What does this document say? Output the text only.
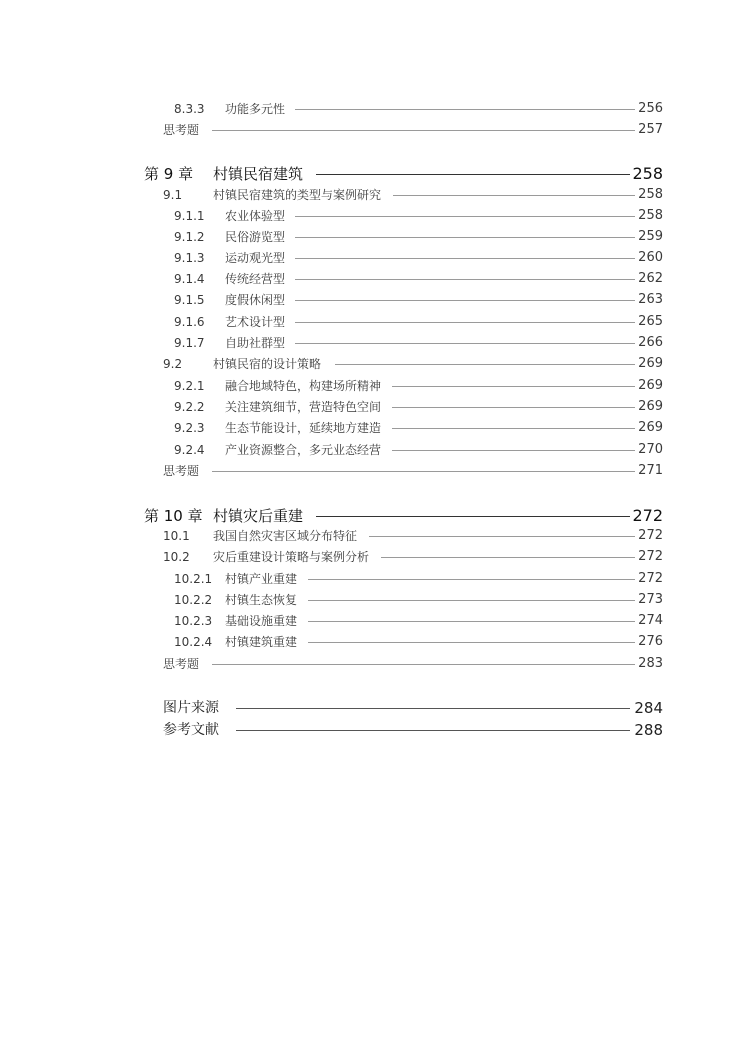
8.3.3 功能多元性	256
思考题	257
第 9 章 村镇民宿建筑	258
9.1	村镇民宿建筑的类型与案例研究	258
9.1.1 农业体验型	258
9.1.2 民俗游览型	259
9.1.3 运动观光型	260
9.1.4 传统经营型	262
9.1.5 度假休闲型	263
9.1.6 艺术设计型	265
9.1.7 自助社群型	266
9.2	村镇民宿的设计策略	269
9.2.1 融合地域特色，构建场所精神	269
9.2.2 关注建筑细节，营造特色空间	269
9.2.3 生态节能设计，延续地方建造	269
9.2.4 产业资源整合，多元业态经营	270
思考题	271
第 10 章 村镇灾后重建	272
10.1 我国自然灾害区域分布特征	272
10.2 灾后重建设计策略与案例分析	272
10.2.1 村镇产业重建	272
10.2.2 村镇生态恢复	273
10.2.3 基础设施重建	274
10.2.4 村镇建筑重建	276
思考题	283
图片来源	284
参考文献	288
